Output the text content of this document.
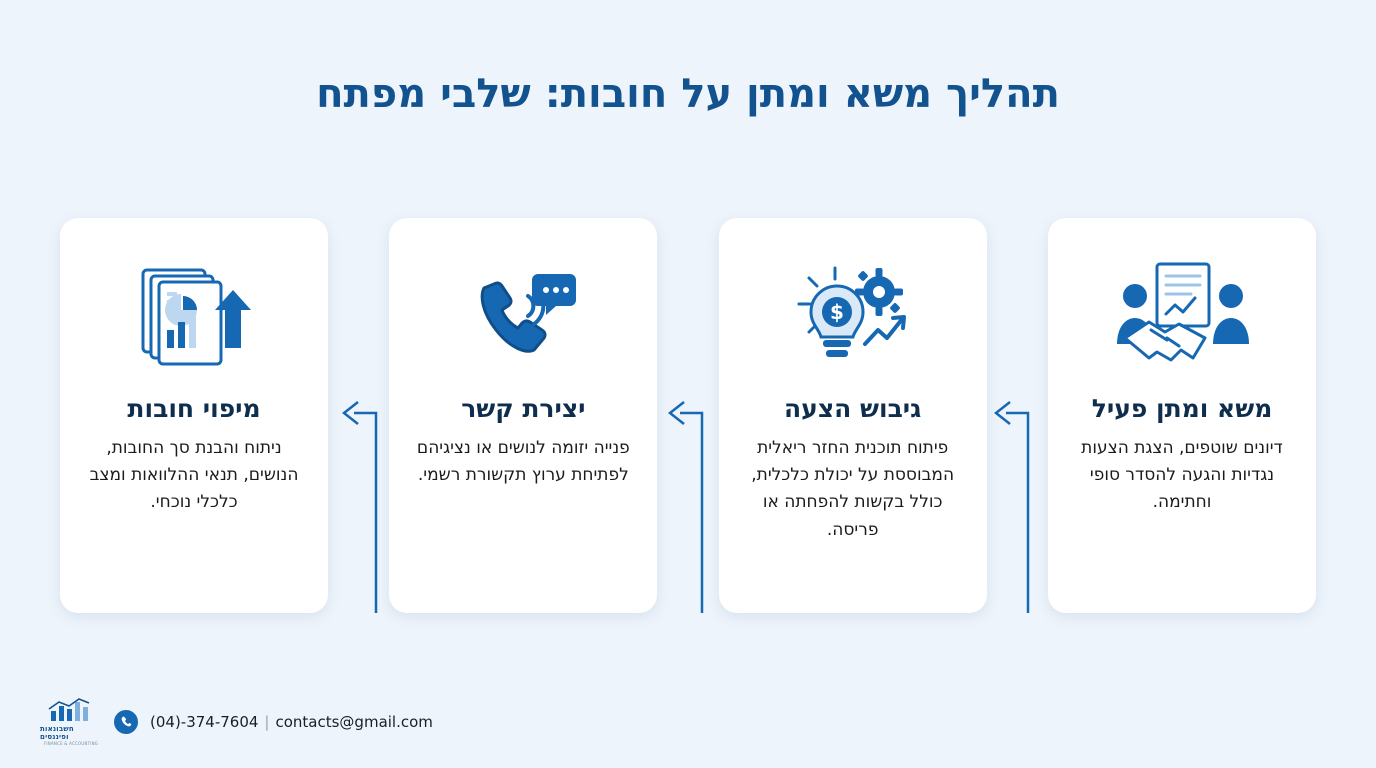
תהליך משא ומתן על חובות: שלבי מפתח
מיפוי חובות
ניתוח והבנת סך החובות, הנושים, תנאי ההלוואות ומצב כלכלי נוכחי.
יצירת קשר
פנייה יזומה לנושים או נציגיהם לפתיחת ערוץ תקשורת רשמי.
$
גיבוש הצעה
פיתוח תוכנית החזר ריאלית המבוססת על יכולת כלכלית, כולל בקשות להפחתה או פריסה.
משא ומתן פעיל
דיונים שוטפים, הצגת הצעות נגדיות והגעה להסדר סופי וחתימה.
חשבונאות ופיננסים
FINANCE & ACCOUNTING
(04)-374-7604 | contacts@gmail.com
